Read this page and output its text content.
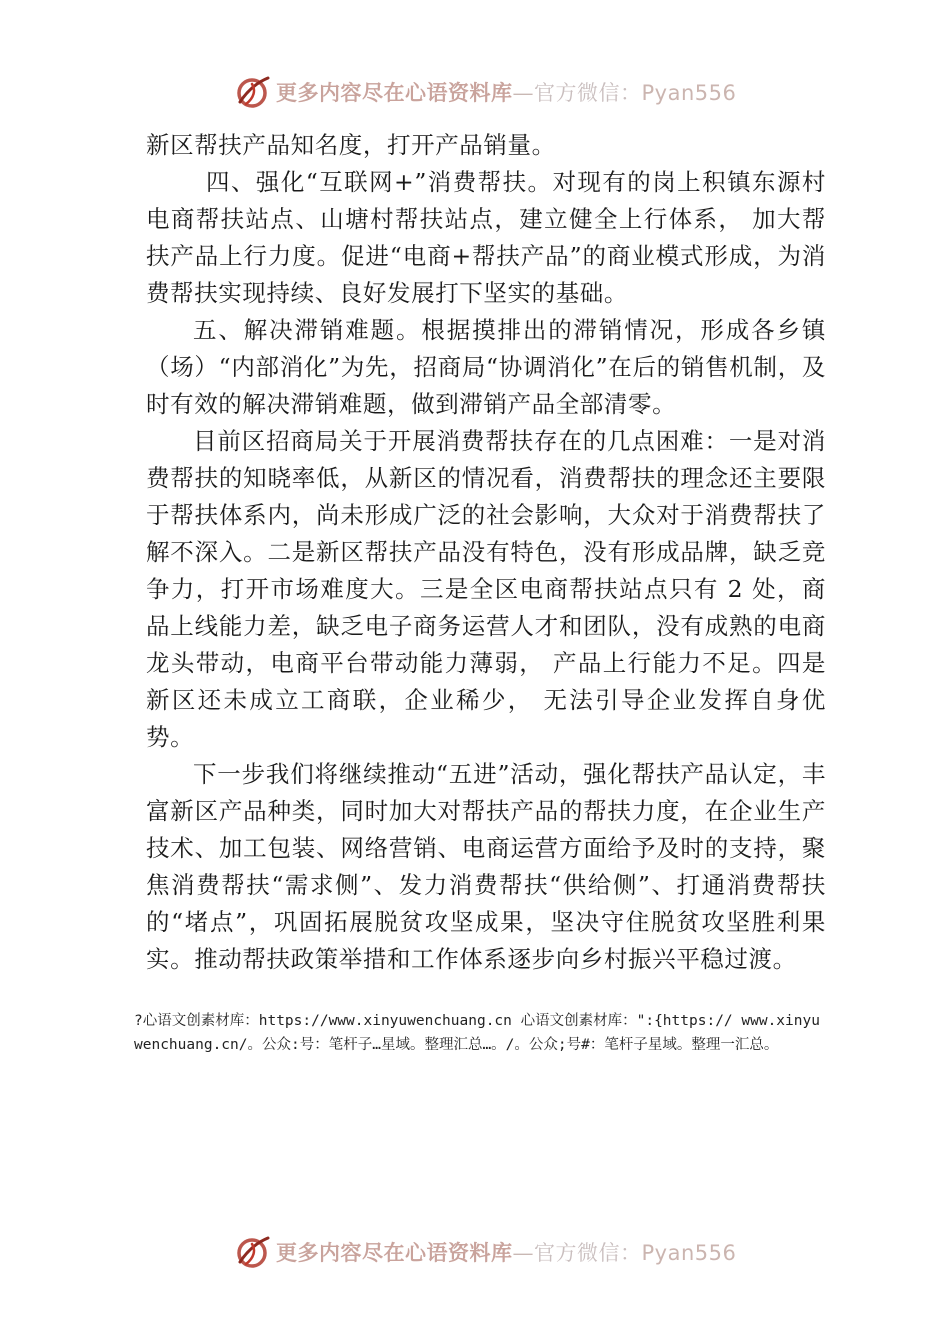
更多内容尽在心语资料库—官方微信：Pyan556

新区帮扶产品知名度，打开产品销量。

四、强化“互联网+”消费帮扶。对现有的岗上积镇东源村电商帮扶站点、山塘村帮扶站点，建立健全上行体系， 加大帮扶产品上行力度。促进“电商+帮扶产品”的商业模式形成，为消费帮扶实现持续、良好发展打下坚实的基础。

五、解决滞销难题。根据摸排出的滞销情况，形成各乡镇（场）“内部消化”为先，招商局“协调消化”在后的销售机制，及时有效的解决滞销难题，做到滞销产品全部清零。

目前区招商局关于开展消费帮扶存在的几点困难：一是对消费帮扶的知晓率低，从新区的情况看，消费帮扶的理念还主要限于帮扶体系内，尚未形成广泛的社会影响，大众对于消费帮扶了解不深入。二是新区帮扶产品没有特色，没有形成品牌，缺乏竞争力，打开市场难度大。三是全区电商帮扶站点只有 2 处，商品上线能力差，缺乏电子商务运营人才和团队，没有成熟的电商龙头带动，电商平台带动能力薄弱， 产品上行能力不足。四是新区还未成立工商联，企业稀少， 无法引导企业发挥自身优势。

下一步我们将继续推动“五进”活动，强化帮扶产品认定，丰富新区产品种类，同时加大对帮扶产品的帮扶力度，在企业生产技术、加工包装、网络营销、电商运营方面给予及时的支持，聚焦消费帮扶“需求侧”、发力消费帮扶“供给侧”、打通消费帮扶的“堵点”，巩固拓展脱贫攻坚成果，坚决守住脱贫攻坚胜利果实。推动帮扶政策举措和工作体系逐步向乡村振兴平稳过渡。

?心语文创素材库：https://www.xinyuwenchuang.cn 心语文创素材库：":{https:// www.xinyuwenchuang.cn/。公众:号：笔杆子…星域。整理汇总…。/。公众;号#：笔杆子星域。整理一汇总。
更多内容尽在心语资料库—官方微信：Pyan556
